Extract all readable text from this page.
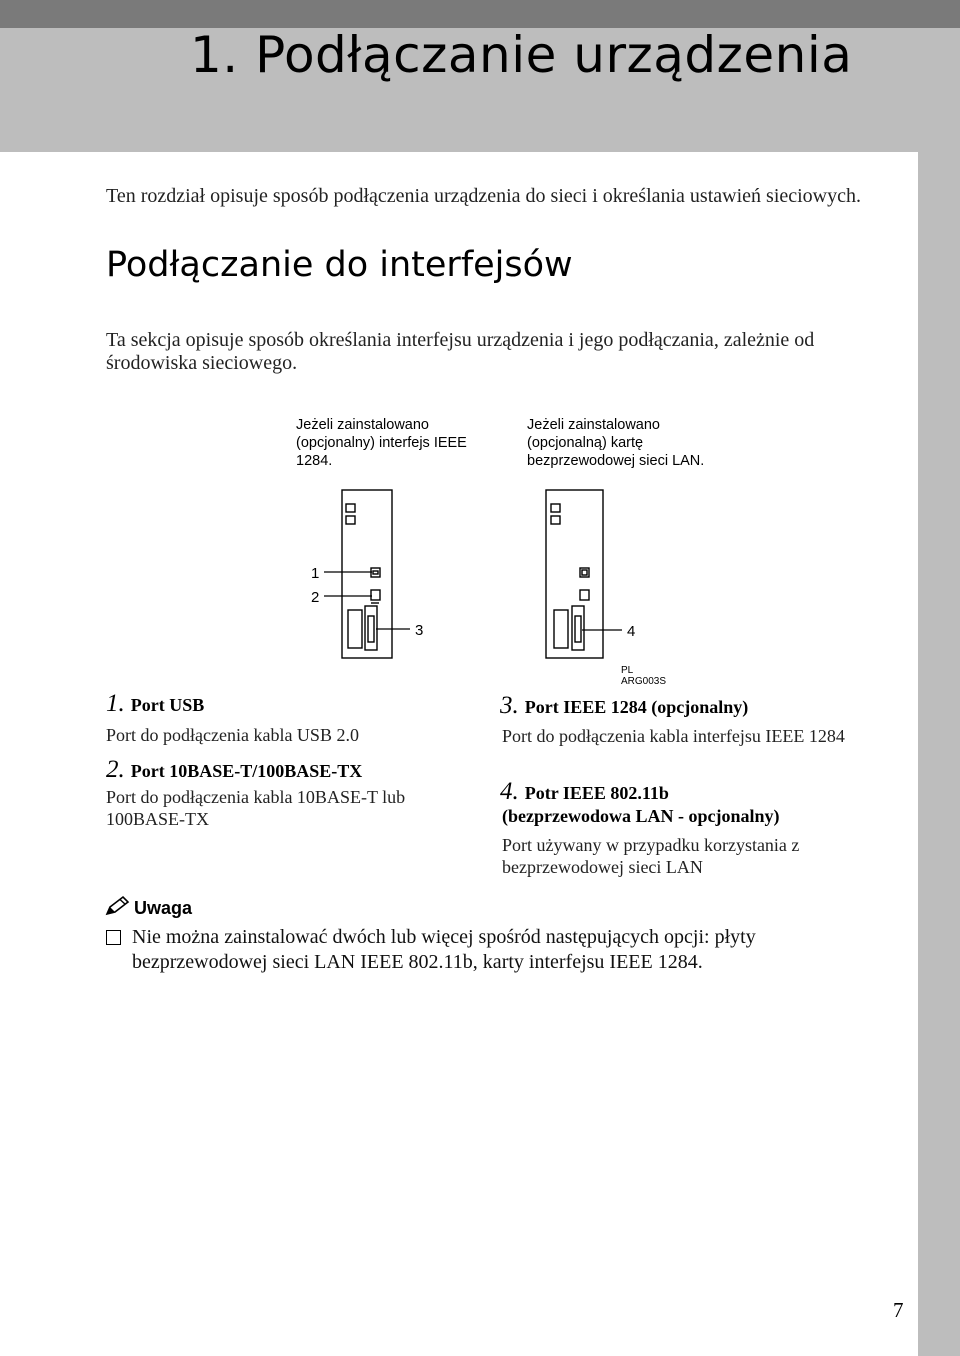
1. Podłączanie urządzenia
Ten rozdział opisuje sposób podłączenia urządzenia do sieci i określania ustawień sieciowych.
Podłączanie do interfejsów
Ta sekcja opisuje sposób określania interfejsu urządzenia i jego podłączania, zależnie od środowiska sieciowego.
1
2
3	4
Jeżeli zainstalowano (opcjonalny) interfejs IEEE 1284.
Jeżeli zainstalowano (opcjonalną) kartę bezprzewodowej sieci LAN.
PL ARG003S
1. Port USB
Port do podłączenia kabla USB 2.0
2. Port 10BASE-T/100BASE-TX
Port do podłączenia kabla 10BASE-T lub 100BASE-TX
3. Port IEEE 1284 (opcjonalny)
Port do podłączenia kabla interfejsu IEEE 1284
4. Potr IEEE 802.11b
(bezprzewodowa LAN - opcjonalny)
Port używany w przypadku korzystania z bezprzewodowej sieci LAN
Uwaga
Nie można zainstalować dwóch lub więcej spośród następujących opcji: płyty bezprzewodowej sieci LAN IEEE 802.11b, karty interfejsu IEEE 1284.
7
